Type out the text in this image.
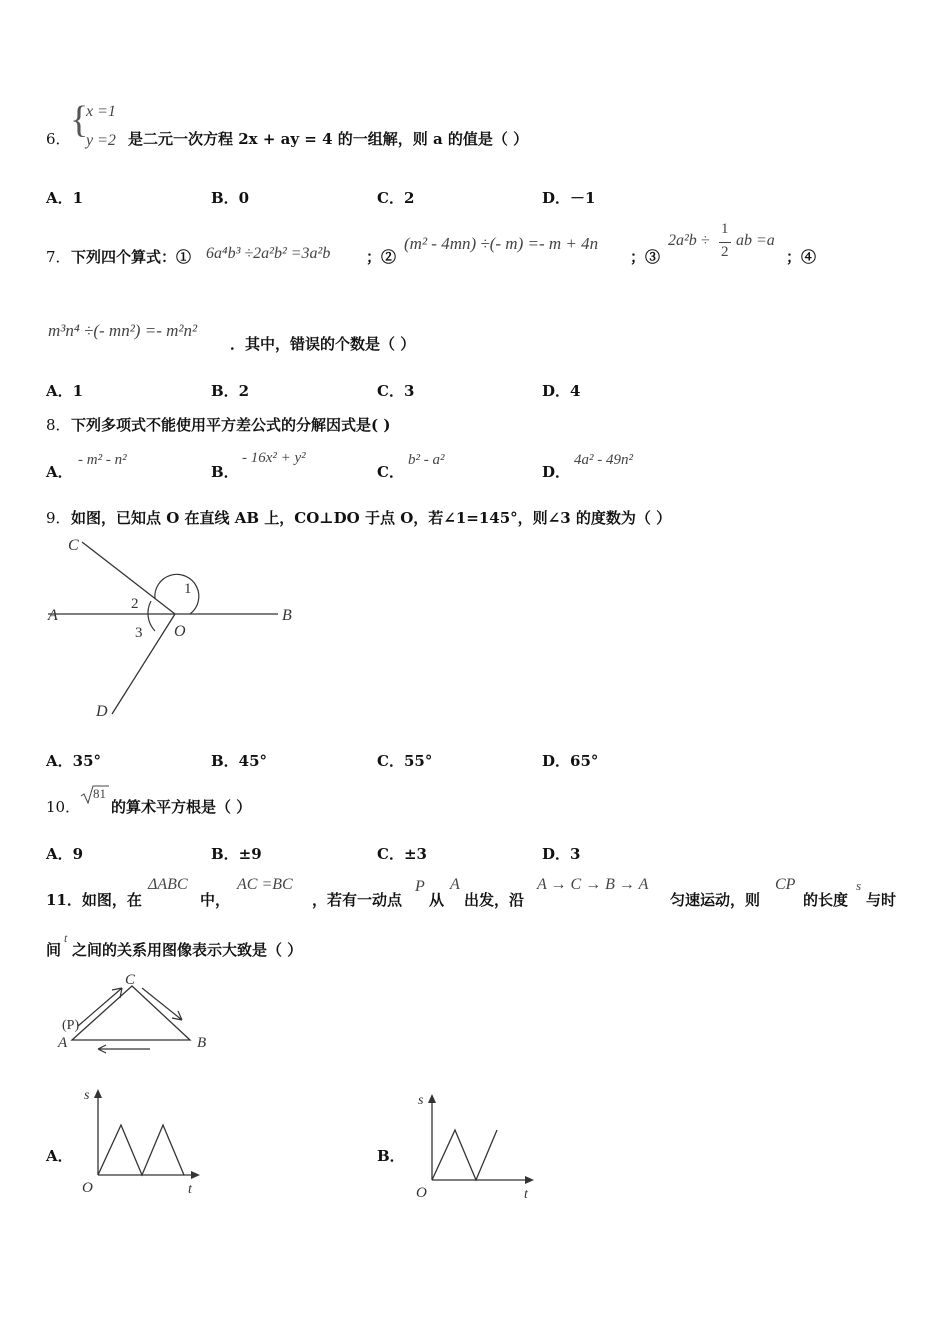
6． {
x =1
y =2 是二元一次方程 2x + ay = 4 的一组解，则 a 的值是（ ）
A．1	B．0	C．2	D．－1
7． 下列四个算式：① 6a⁴b³ ÷2a²b² =3a²b ；②
(m² - 4mn) ÷(- m) =- m + 4n
；③
2a²b ÷
1
2
ab =a
；④
m³n⁴ ÷(- mn²) =- m²n²
．其中，错误的个数是（ ）
A．1	B．2	C．3	D．4
8． 下列多项式不能使用平方差公式的分解因式是( )
A．
- m² - n²
B．
- 16x² + y²
C．
b² - a²
D．
4a² - 49n²
9． 如图，已知点 O 在直线 AB 上，CO⊥DO 于点 O，若∠1=145°，则∠3 的度数为（ ）
C
1
A
2
B
3 O
D
A．35°	B．45°	C．55°	D．65°
10．
81
的算术平方根是（ ）
A．9	B．±9	C．±3	D．3
11．如图，在
ΔABC
中，
AC =BC
，若有一动点
P
从
A
出发，沿
A → C → B → A
匀速运动，则
CP
的长度
s
与时
间
t
之间的关系用图像表示大致是（ ）
C
(P)
A	B
A．
s
O	t
B．
s
O	t
